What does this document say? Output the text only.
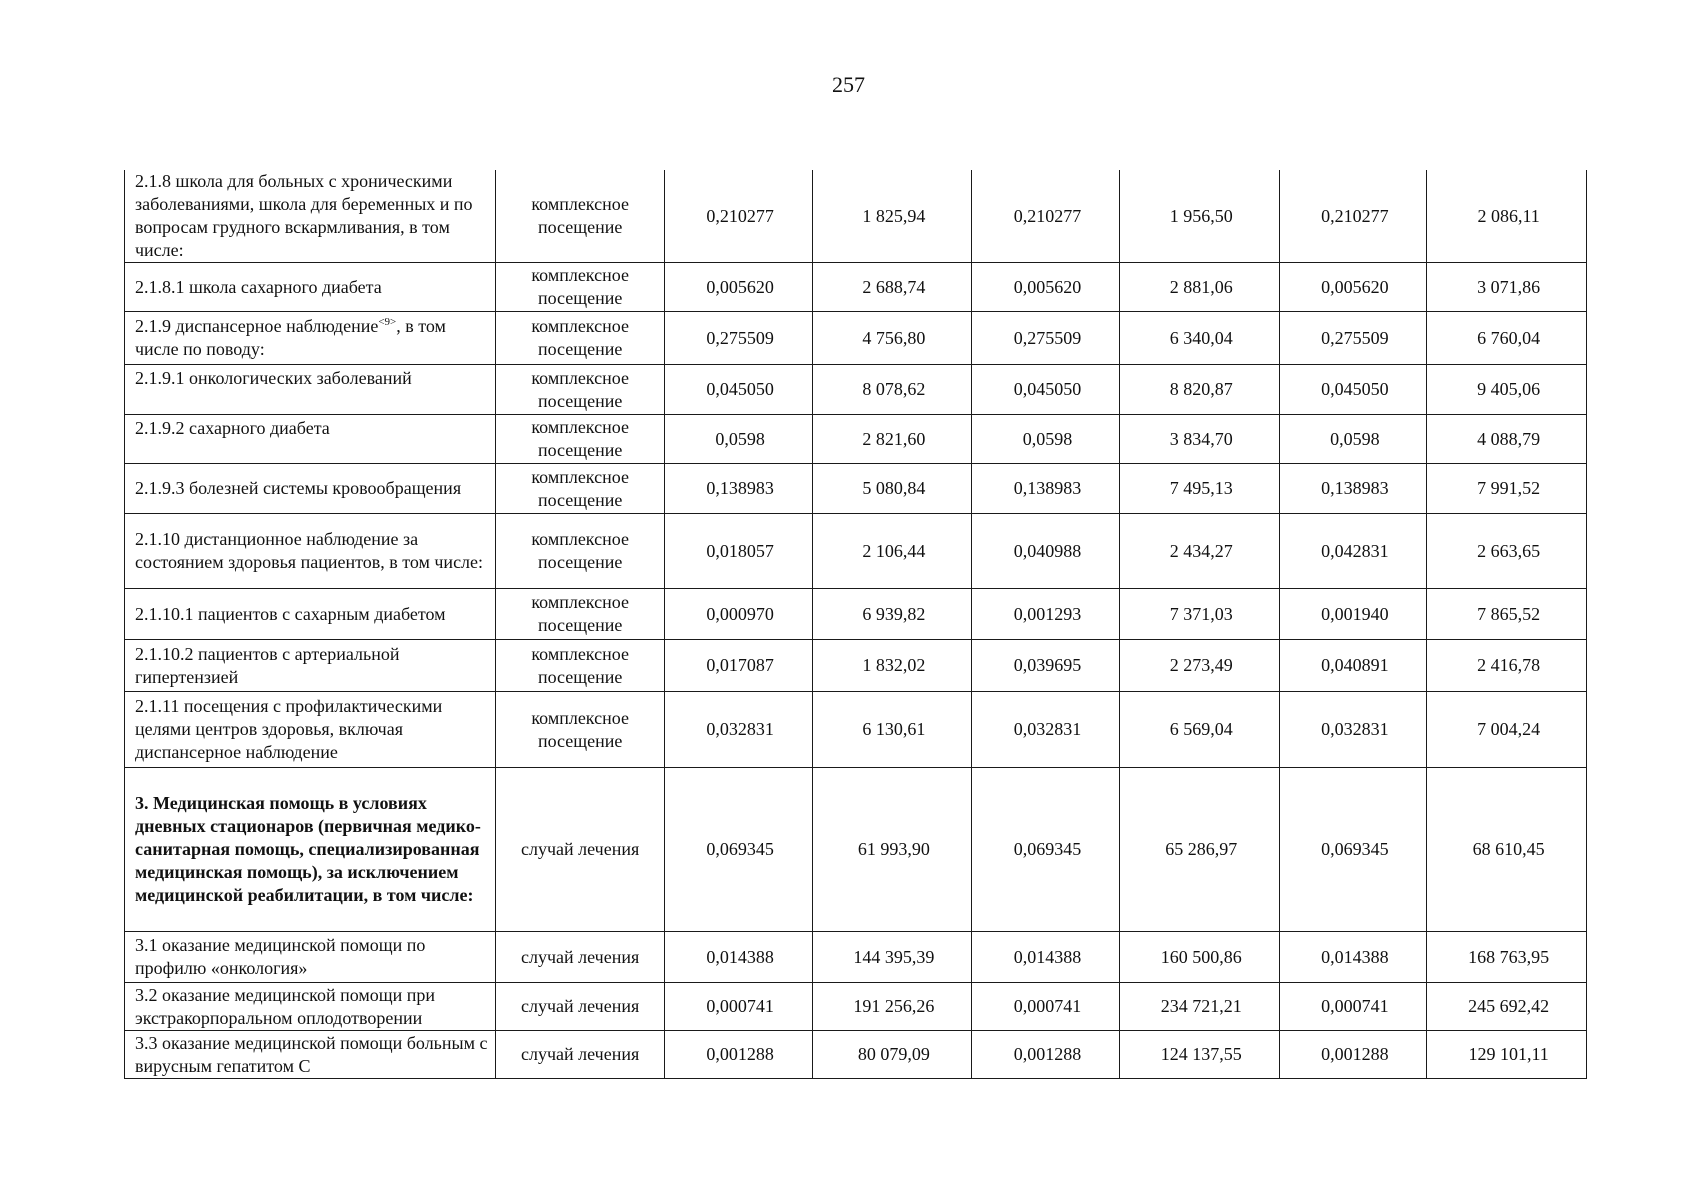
257
2.1.8 школа для больных с хроническими заболеваниями, школа для беременных и по вопросам грудного вскармливания, в том числе:	комплексное посещение	0,210277	1 825,94	0,210277	1 956,50	0,210277	2 086,11
2.1.8.1 школа сахарного диабета	комплексное посещение	0,005620	2 688,74	0,005620	2 881,06	0,005620	3 071,86
2.1.9 диспансерное наблюдение$^{<9>}$, в том числе по поводу:	комплексное посещение	0,275509	4 756,80	0,275509	6 340,04	0,275509	6 760,04
2.1.9.1 онкологических заболеваний	комплексное посещение	0,045050	8 078,62	0,045050	8 820,87	0,045050	9 405,06
2.1.9.2 сахарного диабета	комплексное посещение	0,0598	2 821,60	0,0598	3 834,70	0,0598	4 088,79
2.1.9.3 болезней системы кровообращения	комплексное посещение	0,138983	5 080,84	0,138983	7 495,13	0,138983	7 991,52
2.1.10 дистанционное наблюдение за состоянием здоровья пациентов, в том числе:	комплексное посещение	0,018057	2 106,44	0,040988	2 434,27	0,042831	2 663,65
2.1.10.1 пациентов с сахарным диабетом	комплексное посещение	0,000970	6 939,82	0,001293	7 371,03	0,001940	7 865,52
2.1.10.2 пациентов с артериальной гипертензией	комплексное посещение	0,017087	1 832,02	0,039695	2 273,49	0,040891	2 416,78
2.1.11 посещения с профилактическими целями центров здоровья, включая диспансерное наблюдение	комплексное посещение	0,032831	6 130,61	0,032831	6 569,04	0,032831	7 004,24
3. Медицинская помощь в условиях дневных стационаров (первичная медико-санитарная помощь, специализированная медицинская помощь), за исключением медицинской реабилитации, в том числе:	случай лечения	0,069345	61 993,90	0,069345	65 286,97	0,069345	68 610,45
3.1 оказание медицинской помощи по профилю «онкология»	случай лечения	0,014388	144 395,39	0,014388	160 500,86	0,014388	168 763,95
3.2 оказание медицинской помощи при экстракорпоральном оплодотворении	случай лечения	0,000741	191 256,26	0,000741	234 721,21	0,000741	245 692,42
3.3 оказание медицинской помощи больным с вирусным гепатитом С	случай лечения	0,001288	80 079,09	0,001288	124 137,55	0,001288	129 101,11
